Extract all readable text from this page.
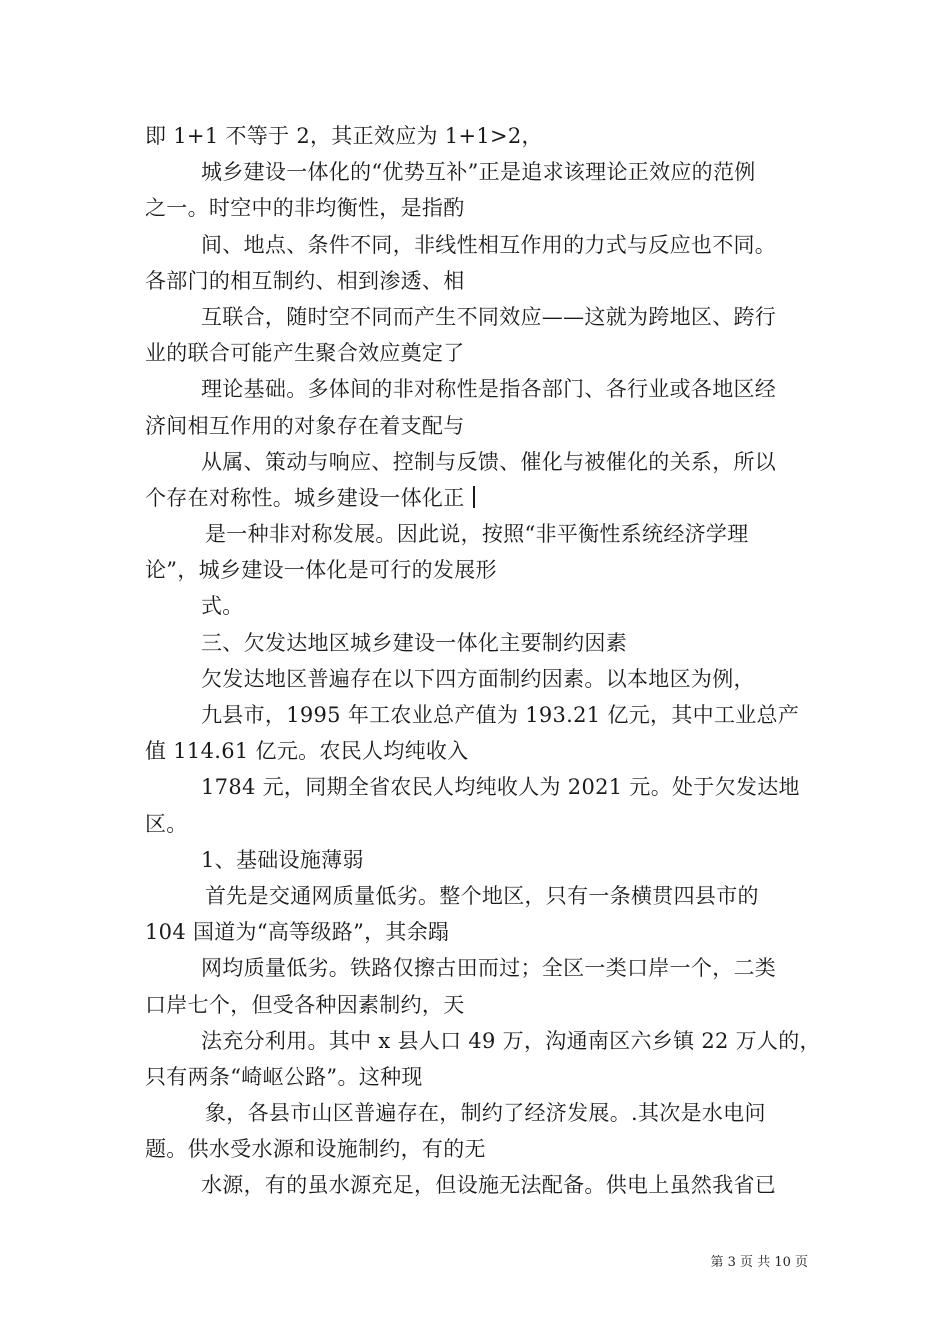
即 1+1 不等于 2，其正效应为 1+1>2，
城乡建设一体化的“优势互补”正是追求该理论正效应的范例
之一。时空中的非均衡性，是指酌
间、地点、条件不同，非线性相互作用的力式与反应也不同。
各部门的相互制约、相到渗透、相
互联合，随时空不同而产生不同效应——这就为跨地区、跨行
业的联合可能产生聚合效应奠定了
理论基础。多体间的非对称性是指各部门、各行业或各地区经
济间相互作用的对象存在着支配与
从属、策动与响应、控制与反馈、催化与被催化的关系，所以
个存在对称性。城乡建设一体化正
是一种非对称发展。因此说，按照“非平衡性系统经济学理
论”，城乡建设一体化是可行的发展形
式。
三、欠发达地区城乡建设一体化主要制约因素
欠发达地区普遍存在以下四方面制约因素。以本地区为例，
九县市，1995 年工农业总产值为 193.21 亿元，其中工业总产
值 114.61 亿元。农民人均纯收入
1784 元，同期全省农民人均纯收人为 2021 元。处于欠发达地
区。
1、基础设施薄弱
首先是交通网质量低劣。整个地区，只有一条横贯四县市的
104 国道为“高等级路”，其余蹋
网均质量低劣。铁路仅擦古田而过；全区一类口岸一个，二类
口岸七个，但受各种因素制约，天
法充分利用。其中 x 县人口 49 万，沟通南区六乡镇 22 万人的，
只有两条“崎岖公路”。这种现
象，各县市山区普遍存在，制约了经济发展。.其次是水电问
题。供水受水源和设施制约，有的无
水源，有的虽水源充足，但设施无法配备。供电上虽然我省已
第 3 页 共 10 页
